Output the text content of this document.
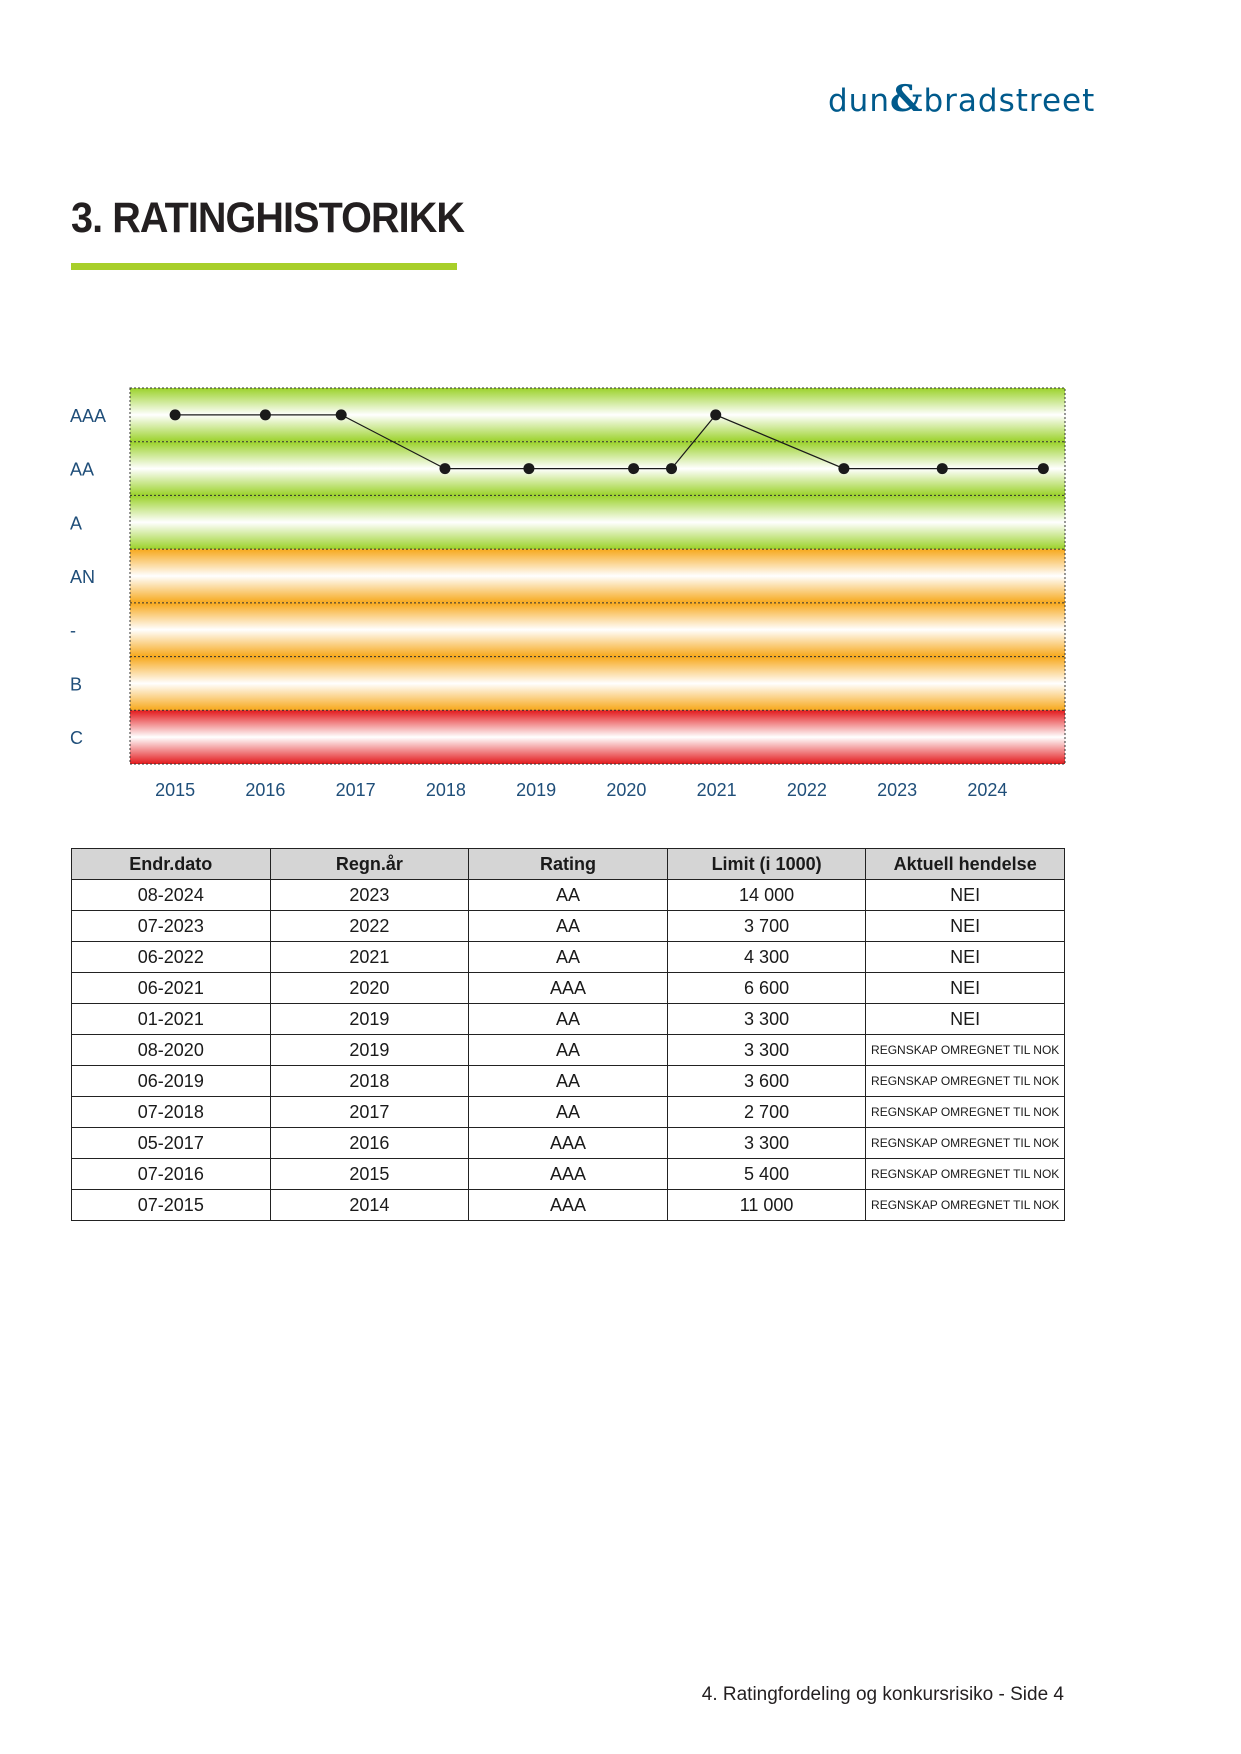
dun&bradstreet
3. RATINGHISTORIKK
AAA
AA
A
AN
-
B
C
2015	2016	2017	2018	2019	2020	2021	2022	2023	2024
Endr.dato	Regn.år	Rating	Limit (i 1000)	Aktuell hendelse
08-2024	2023	AA	14 000	NEI
07-2023	2022	AA	3 700	NEI
06-2022	2021	AA	4 300	NEI
06-2021	2020	AAA	6 600	NEI
01-2021	2019	AA	3 300	NEI
08-2020	2019	AA	3 300	REGNSKAP OMREGNET TIL NOK
06-2019	2018	AA	3 600	REGNSKAP OMREGNET TIL NOK
07-2018	2017	AA	2 700	REGNSKAP OMREGNET TIL NOK
05-2017	2016	AAA	3 300	REGNSKAP OMREGNET TIL NOK
07-2016	2015	AAA	5 400	REGNSKAP OMREGNET TIL NOK
07-2015	2014	AAA	11 000	REGNSKAP OMREGNET TIL NOK
4. Ratingfordeling og konkursrisiko - Side 4
